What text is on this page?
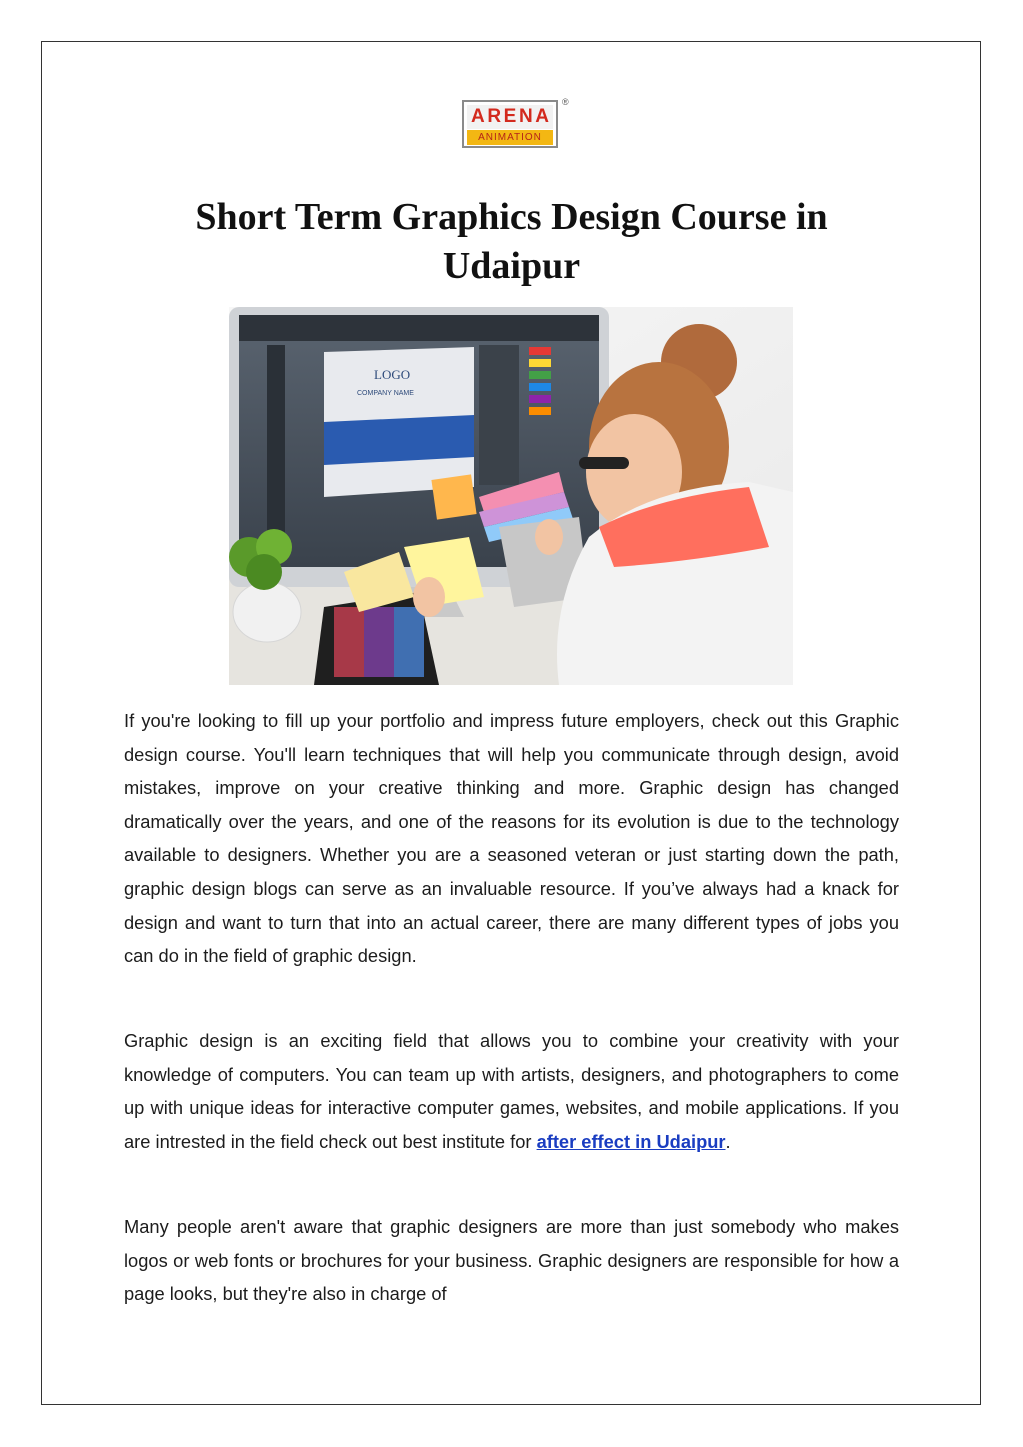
A R E N A
ANIMATION
®
Short Term Graphics Design Course in Udaipur
LOGO
COMPANY NAME

If you're looking to fill up your portfolio and impress future employers, check out this Graphic design course. You'll learn techniques that will help you communicate through design, avoid mistakes, improve on your creative thinking and more. Graphic design has changed dramatically over the years, and one of the reasons for its evolution is due to the technology available to designers. Whether you are a seasoned veteran or just starting down the path, graphic design blogs can serve as an invaluable resource. If you’ve always had a knack for design and want to turn that into an actual career, there are many different types of jobs you can do in the field of graphic design.

Graphic design is an exciting field that allows you to combine your creativity with your knowledge of computers. You can team up with artists, designers, and photographers to come up with unique ideas for interactive computer games, websites, and mobile applications. If you are intrested in the field check out best institute for after effect in Udaipur.

Many people aren't aware that graphic designers are more than just somebody who makes logos or web fonts or brochures for your business. Graphic designers are responsible for how a page looks, but they're also in charge of
